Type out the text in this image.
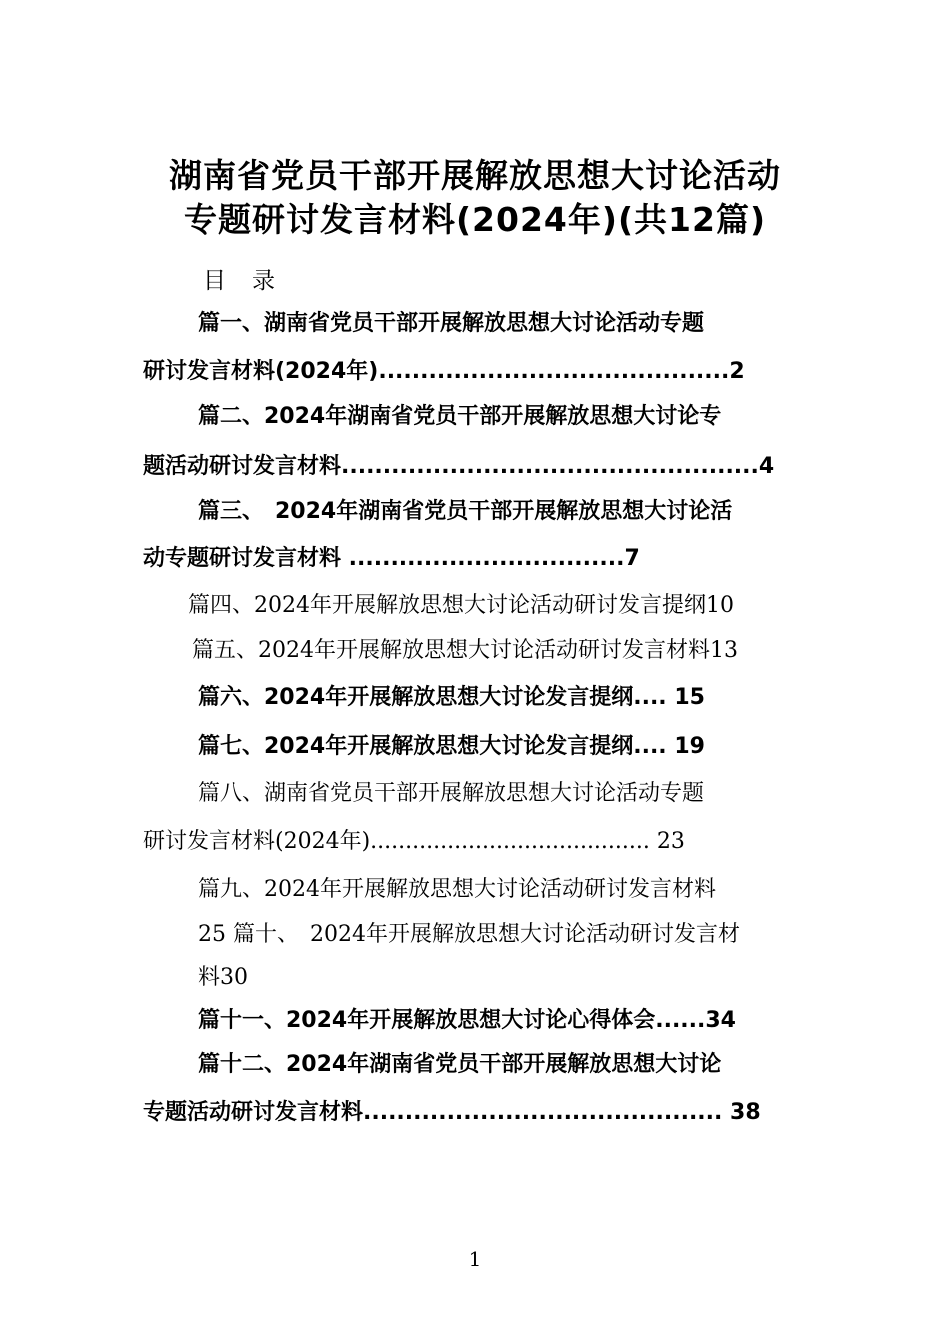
湖南省党员干部开展解放思想大讨论活动
专题研讨发言材料(2024年)(共12篇)
目 录
篇一、湖南省党员干部开展解放思想大讨论活动专题
研讨发言材料(2024年)..........................................2
篇二、2024年湖南省党员干部开展解放思想大讨论专
题活动研讨发言材料..................................................4
篇三、　2024年湖南省党员干部开展解放思想大讨论活
动专题研讨发言材料 .................................7
篇四、2024年开展解放思想大讨论活动研讨发言提纲10
篇五、2024年开展解放思想大讨论活动研讨发言材料13
篇六、2024年开展解放思想大讨论发言提纲.... 15
篇七、2024年开展解放思想大讨论发言提纲.... 19
篇八、湖南省党员干部开展解放思想大讨论活动专题
研讨发言材料(2024年)........................................ 23
篇九、2024年开展解放思想大讨论活动研讨发言材料
25 篇十、　2024年开展解放思想大讨论活动研讨发言材
料30
篇十一、2024年开展解放思想大讨论心得体会......34
篇十二、2024年湖南省党员干部开展解放思想大讨论
专题活动研讨发言材料........................................... 38
1
